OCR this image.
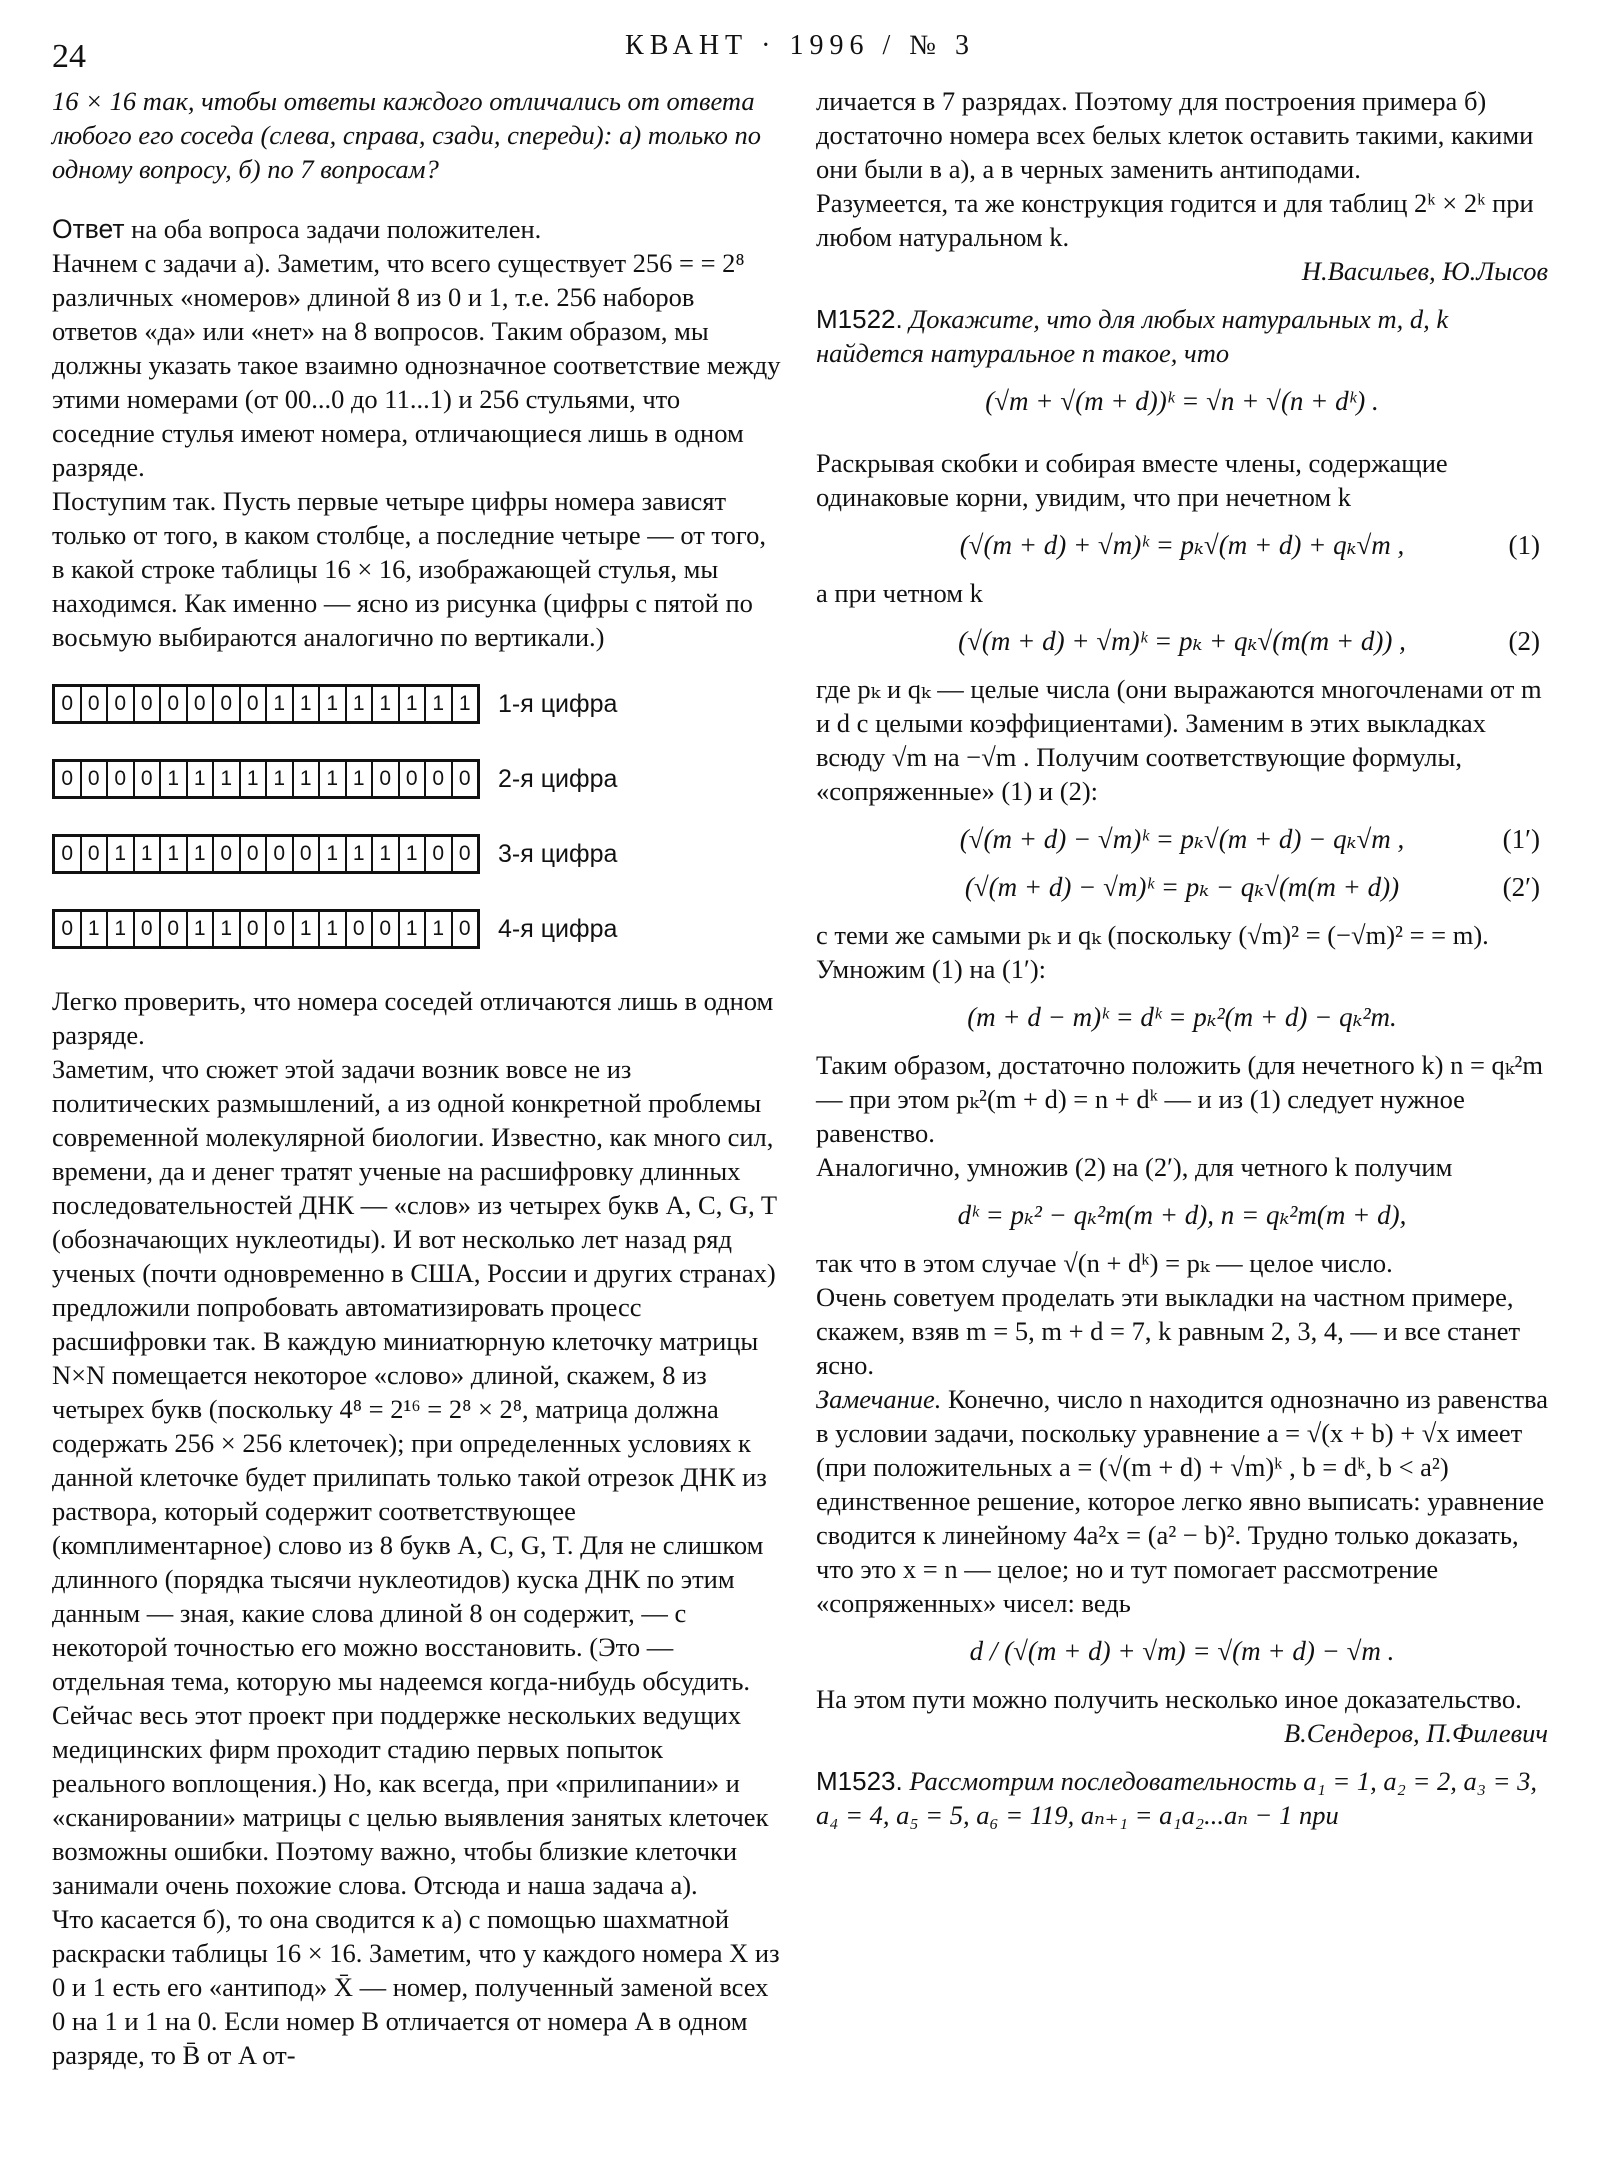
24	КВАНТ · 1996 / № 3

16 × 16 так, чтобы ответы каждого отличались от ответа любого его соседа (слева, справа, сзади, спереди): а) только по одному вопросу, б) по 7 вопросам?

Ответ на оба вопроса задачи положителен.

Начнем с задачи а). Заметим, что всего существует 256 = = 2⁸ различных «номеров» длиной 8 из 0 и 1, т.е. 256 наборов ответов «да» или «нет» на 8 вопросов. Таким образом, мы должны указать такое взаимно однозначное соответствие между этими номерами (от 00...0 до 11...1) и 256 стульями, что соседние стулья имеют номера, отличающиеся лишь в одном разряде.

Поступим так. Пусть первые четыре цифры номера зависят только от того, в каком столбце, а последние четыре — от того, в какой строке таблицы 16 × 16, изображающей стулья, мы находимся. Как именно — ясно из рисунка (цифры с пятой по восьмую выбираются аналогично по вертикали.)

0	0	0	0	0	0	0	0	1	1	1	1	1	1	1	1 1-я цифра
0	0	0	0	1	1	1	1	1	1	1	1	0	0	0	0 2-я цифра
0	0	1	1	1	1	0	0	0	0	1	1	1	1	0	0 3-я цифра
0	1	1	0	0	1	1	0	0	1	1	0	0	1	1	0 4-я цифра

Легко проверить, что номера соседей отличаются лишь в одном разряде.

Заметим, что сюжет этой задачи возник вовсе не из политических размышлений, а из одной конкретной проблемы современной молекулярной биологии. Известно, как много сил, времени, да и денег тратят ученые на расшифровку длинных последовательностей ДНК — «слов» из четырех букв A, C, G, T (обозначающих нуклеотиды). И вот несколько лет назад ряд ученых (почти одновременно в США, России и других странах) предложили попробовать автоматизировать процесс расшифровки так. В каждую миниатюрную клеточку матрицы N×N помещается некоторое «слово» длиной, скажем, 8 из четырех букв (поскольку 4⁸ = 2¹⁶ = 2⁸ × 2⁸, матрица должна содержать 256 × 256 клеточек); при определенных условиях к данной клеточке будет прилипать только такой отрезок ДНК из раствора, который содержит соответствующее (комплиментарное) слово из 8 букв A, C, G, T. Для не слишком длинного (порядка тысячи нуклеотидов) куска ДНК по этим данным — зная, какие слова длиной 8 он содержит, — с некоторой точностью его можно восстановить. (Это — отдельная тема, которую мы надеемся когда-нибудь обсудить. Сейчас весь этот проект при поддержке нескольких ведущих медицинских фирм проходит стадию первых попыток реального воплощения.) Но, как всегда, при «прилипании» и «сканировании» матрицы с целью выявления занятых клеточек возможны ошибки. Поэтому важно, чтобы близкие клеточки занимали очень похожие слова. Отсюда и наша задача а).

Что касается б), то она сводится к а) с помощью шахматной раскраски таблицы 16 × 16. Заметим, что у каждого номера X из 0 и 1 есть его «антипод» X̄ — номер, полученный заменой всех 0 на 1 и 1 на 0. Если номер B отличается от номера A в одном разряде, то B̄ от A от-

личается в 7 разрядах. Поэтому для построения примера б) достаточно номера всех белых клеток оставить такими, какими они были в а), а в черных заменить антиподами.

Разумеется, та же конструкция годится и для таблиц 2ᵏ × 2ᵏ при любом натуральном k.

Н.Васильев, Ю.Лысов

М1522. Докажите, что для любых натуральных m, d, k найдется натуральное n такое, что

(√m + √(m + d))ᵏ = √n + √(n + dᵏ) .

Раскрывая скобки и собирая вместе члены, содержащие одинаковые корни, увидим, что при нечетном k

(√(m + d) + √m)ᵏ = pₖ√(m + d) + qₖ√m ,	(1)

а при четном k

(√(m + d) + √m)ᵏ = pₖ + qₖ√(m(m + d)) ,	(2)

где pₖ и qₖ — целые числа (они выражаются многочленами от m и d с целыми коэффициентами). Заменим в этих выкладках всюду √m на −√m . Получим соответствующие формулы, «сопряженные» (1) и (2):

(√(m + d) − √m)ᵏ = pₖ√(m + d) − qₖ√m ,	(1′)
(√(m + d) − √m)ᵏ = pₖ − qₖ√(m(m + d))	(2′)

с теми же самыми pₖ и qₖ (поскольку (√m)² = (−√m)² = = m). Умножим (1) на (1′):

(m + d − m)ᵏ = dᵏ = pₖ²(m + d) − qₖ²m.

Таким образом, достаточно положить (для нечетного k) n = qₖ²m — при этом pₖ²(m + d) = n + dᵏ — и из (1) следует нужное равенство.

Аналогично, умножив (2) на (2′), для четного k получим

dᵏ = pₖ² − qₖ²m(m + d), n = qₖ²m(m + d),

так что в этом случае √(n + dᵏ) = pₖ — целое число.

Очень советуем проделать эти выкладки на частном примере, скажем, взяв m = 5, m + d = 7, k равным 2, 3, 4, — и все станет ясно.

Замечание. Конечно, число n находится однозначно из равенства в условии задачи, поскольку уравнение a = √(x + b) + √x имеет (при положительных a = (√(m + d) + √m)ᵏ , b = dᵏ, b < a²) единственное решение, которое легко явно выписать: уравнение сводится к линейному 4a²x = (a² − b)². Трудно только доказать, что это x = n — целое; но и тут помогает рассмотрение «сопряженных» чисел: ведь

d / (√(m + d) + √m) = √(m + d) − √m .

На этом пути можно получить несколько иное доказательство.

В.Сендеров, П.Филевич

М1523. Рассмотрим последовательность a₁ = 1, a₂ = 2, a₃ = 3, a₄ = 4, a₅ = 5, a₆ = 119, aₙ₊₁ = a₁a₂...aₙ − 1 при
